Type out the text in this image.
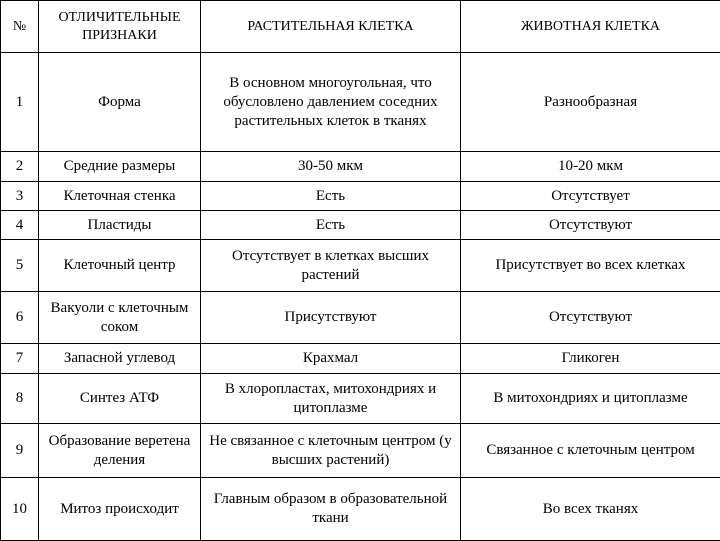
№	ОТЛИЧИТЕЛЬНЫЕ ПРИЗНАКИ	РАСТИТЕЛЬНАЯ КЛЕТКА	ЖИВОТНАЯ КЛЕТКА
1	Форма	В основном многоугольная, что обусловлено давлением соседних растительных клеток в тканях	Разнообразная
2	Средние размеры	30-50 мкм	10-20 мкм
3	Клеточная стенка	Есть	Отсутствует
4	Пластиды	Есть	Отсутствуют
5	Клеточный центр	Отсутствует в клетках высших растений	Присутствует во всех клетках
6	Вакуоли с клеточным соком	Присутствуют	Отсутствуют
7	Запасной углевод	Крахмал	Гликоген
8	Синтез АТФ	В хлоропластах, митохондриях и цитоплазме	В митохондриях и цитоплазме
9	Образование веретена деления	Не связанное с клеточным центром (у высших растений)	Связанное с клеточным центром
10	Митоз происходит	Главным образом в образовательной ткани	Во всех тканях
